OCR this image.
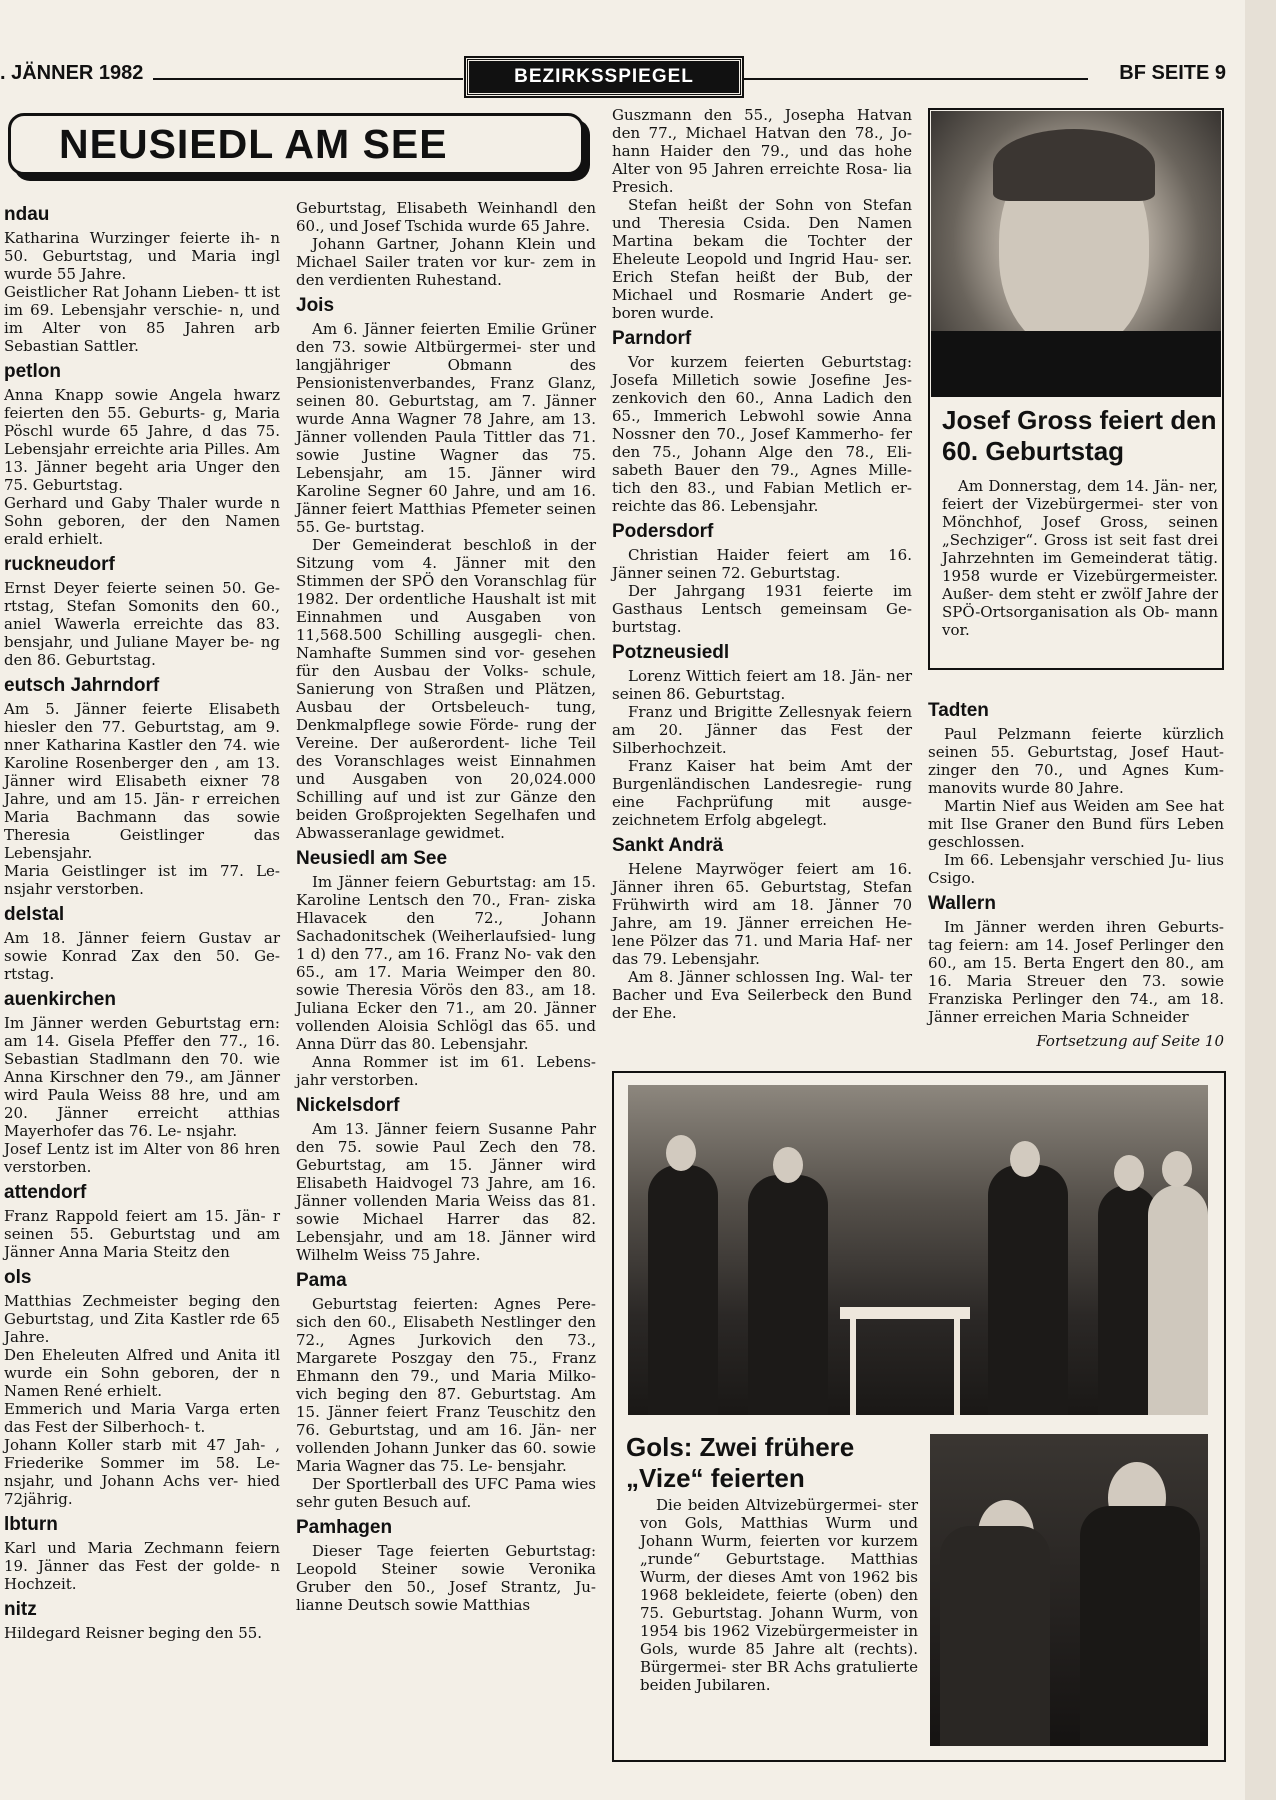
. JÄNNER 1982	BEZIRKSSPIEGEL	BF SEITE 9
NEUSIEDL AM SEE
ndau

Katharina Wurzinger feierte ih- n 50. Geburtstag, und Maria ingl wurde 55 Jahre.

Geistlicher Rat Johann Lieben- tt ist im 69. Lebensjahr verschie- n, und im Alter von 85 Jahren arb Sebastian Sattler.

petlon

Anna Knapp sowie Angela hwarz feierten den 55. Geburts- g, Maria Pöschl wurde 65 Jahre, d das 75. Lebensjahr erreichte aria Pilles. Am 13. Jänner begeht aria Unger den 75. Geburtstag.

Gerhard und Gaby Thaler wurde n Sohn geboren, der den Namen erald erhielt.

ruckneudorf

Ernst Deyer feierte seinen 50. Ge- rtstag, Stefan Somonits den 60., aniel Wawerla erreichte das 83. bensjahr, und Juliane Mayer be- ng den 86. Geburtstag.

eutsch Jahrndorf

Am 5. Jänner feierte Elisabeth hiesler den 77. Geburtstag, am 9. nner Katharina Kastler den 74. wie Karoline Rosenberger den , am 13. Jänner wird Elisabeth eixner 78 Jahre, und am 15. Jän- r erreichen Maria Bachmann das sowie Theresia Geistlinger das Lebensjahr.

Maria Geistlinger ist im 77. Le- nsjahr verstorben.

delstal

Am 18. Jänner feiern Gustav ar sowie Konrad Zax den 50. Ge- rtstag.

auenkirchen

Im Jänner werden Geburtstag ern: am 14. Gisela Pfeffer den 77., 16. Sebastian Stadlmann den 70. wie Anna Kirschner den 79., am Jänner wird Paula Weiss 88 hre, und am 20. Jänner erreicht atthias Mayerhofer das 76. Le- nsjahr.

Josef Lentz ist im Alter von 86 hren verstorben.

attendorf

Franz Rappold feiert am 15. Jän- r seinen 55. Geburtstag und am Jänner Anna Maria Steitz den

ols

Matthias Zechmeister beging den Geburtstag, und Zita Kastler rde 65 Jahre.

Den Eheleuten Alfred und Anita itl wurde ein Sohn geboren, der n Namen René erhielt.

Emmerich und Maria Varga erten das Fest der Silberhoch- t.

Johann Koller starb mit 47 Jah- , Friederike Sommer im 58. Le- nsjahr, und Johann Achs ver- hied 72jährig.

lbturn

Karl und Maria Zechmann feiern 19. Jänner das Fest der golde- n Hochzeit.

nitz

Hildegard Reisner beging den 55.

Geburtstag, Elisabeth Weinhandl den 60., und Josef Tschida wurde 65 Jahre.

Johann Gartner, Johann Klein und Michael Sailer traten vor kur- zem in den verdienten Ruhestand.

Jois

Am 6. Jänner feierten Emilie Grüner den 73. sowie Altbürgermei- ster und langjähriger Obmann des Pensionistenverbandes, Franz Glanz, seinen 80. Geburtstag, am 7. Jänner wurde Anna Wagner 78 Jahre, am 13. Jänner vollenden Paula Tittler das 71. sowie Justine Wagner das 75. Lebensjahr, am 15. Jänner wird Karoline Segner 60 Jahre, und am 16. Jänner feiert Matthias Pfemeter seinen 55. Ge- burtstag.

Der Gemeinderat beschloß in der Sitzung vom 4. Jänner mit den Stimmen der SPÖ den Voranschlag für 1982. Der ordentliche Haushalt ist mit Einnahmen und Ausgaben von 11,568.500 Schilling ausgegli- chen. Namhafte Summen sind vor- gesehen für den Ausbau der Volks- schule, Sanierung von Straßen und Plätzen, Ausbau der Ortsbeleuch- tung, Denkmalpflege sowie Förde- rung der Vereine. Der außerordent- liche Teil des Voranschlages weist Einnahmen und Ausgaben von 20,024.000 Schilling auf und ist zur Gänze den beiden Großprojekten Segelhafen und Abwasseranlage gewidmet.

Neusiedl am See

Im Jänner feiern Geburtstag: am 15. Karoline Lentsch den 70., Fran- ziska Hlavacek den 72., Johann Sachadonitschek (Weiherlaufsied- lung 1 d) den 77., am 16. Franz No- vak den 65., am 17. Maria Weimper den 80. sowie Theresia Vörös den 83., am 18. Juliana Ecker den 71., am 20. Jänner vollenden Aloisia Schlögl das 65. und Anna Dürr das 80. Lebensjahr.

Anna Rommer ist im 61. Lebens- jahr verstorben.

Nickelsdorf

Am 13. Jänner feiern Susanne Pahr den 75. sowie Paul Zech den 78. Geburtstag, am 15. Jänner wird Elisabeth Haidvogel 73 Jahre, am 16. Jänner vollenden Maria Weiss das 81. sowie Michael Harrer das 82. Lebensjahr, und am 18. Jänner wird Wilhelm Weiss 75 Jahre.

Pama

Geburtstag feierten: Agnes Pere- sich den 60., Elisabeth Nestlinger den 72., Agnes Jurkovich den 73., Margarete Poszgay den 75., Franz Ehmann den 79., und Maria Milko- vich beging den 87. Geburtstag. Am 15. Jänner feiert Franz Teuschitz den 76. Geburtstag, und am 16. Jän- ner vollenden Johann Junker das 60. sowie Maria Wagner das 75. Le- bensjahr.

Der Sportlerball des UFC Pama wies sehr guten Besuch auf.

Pamhagen

Dieser Tage feierten Geburtstag: Leopold Steiner sowie Veronika Gruber den 50., Josef Strantz, Ju- lianne Deutsch sowie Matthias

Guszmann den 55., Josepha Hatvan den 77., Michael Hatvan den 78., Jo- hann Haider den 79., und das hohe Alter von 95 Jahren erreichte Rosa- lia Presich.

Stefan heißt der Sohn von Stefan und Theresia Csida. Den Namen Martina bekam die Tochter der Eheleute Leopold und Ingrid Hau- ser. Erich Stefan heißt der Bub, der Michael und Rosmarie Andert ge- boren wurde.

Parndorf

Vor kurzem feierten Geburtstag: Josefa Milletich sowie Josefine Jes- zenkovich den 60., Anna Ladich den 65., Immerich Lebwohl sowie Anna Nossner den 70., Josef Kammerho- fer den 75., Johann Alge den 78., Eli- sabeth Bauer den 79., Agnes Mille- tich den 83., und Fabian Metlich er- reichte das 86. Lebensjahr.

Podersdorf

Christian Haider feiert am 16. Jänner seinen 72. Geburtstag.

Der Jahrgang 1931 feierte im Gasthaus Lentsch gemeinsam Ge- burtstag.

Potzneusiedl

Lorenz Wittich feiert am 18. Jän- ner seinen 86. Geburtstag.

Franz und Brigitte Zellesnyak feiern am 20. Jänner das Fest der Silberhochzeit.

Franz Kaiser hat beim Amt der Burgenländischen Landesregie- rung eine Fachprüfung mit ausge- zeichnetem Erfolg abgelegt.

Sankt Andrä

Helene Mayrwöger feiert am 16. Jänner ihren 65. Geburtstag, Stefan Frühwirth wird am 18. Jänner 70 Jahre, am 19. Jänner erreichen He- lene Pölzer das 71. und Maria Haf- ner das 79. Lebensjahr.

Am 8. Jänner schlossen Ing. Wal- ter Bacher und Eva Seilerbeck den Bund der Ehe.

Josef Gross feiert den 60. Geburtstag

Am Donnerstag, dem 14. Jän- ner, feiert der Vizebürgermei- ster von Mönchhof, Josef Gross, seinen „Sechziger“. Gross ist seit fast drei Jahrzehnten im Gemeinderat tätig. 1958 wurde er Vizebürgermeister. Außer- dem steht er zwölf Jahre der SPÖ-Ortsorganisation als Ob- mann vor.

Tadten

Paul Pelzmann feierte kürzlich seinen 55. Geburtstag, Josef Haut- zinger den 70., und Agnes Kum- manovits wurde 80 Jahre.

Martin Nief aus Weiden am See hat mit Ilse Graner den Bund fürs Leben geschlossen.

Im 66. Lebensjahr verschied Ju- lius Csigo.

Wallern

Im Jänner werden ihren Geburts- tag feiern: am 14. Josef Perlinger den 60., am 15. Berta Engert den 80., am 16. Maria Streuer den 73. sowie Franziska Perlinger den 74., am 18. Jänner erreichen Maria Schneider

Fortsetzung auf Seite 10

Gols: Zwei frühere „Vize“ feierten

Die beiden Altvizebürgermei- ster von Gols, Matthias Wurm und Johann Wurm, feierten vor kurzem „runde“ Geburtstage. Matthias Wurm, der dieses Amt von 1962 bis 1968 bekleidete, feierte (oben) den 75. Geburtstag. Johann Wurm, von 1954 bis 1962 Vizebürgermeister in Gols, wurde 85 Jahre alt (rechts). Bürgermei- ster BR Achs gratulierte beiden Jubilaren.
